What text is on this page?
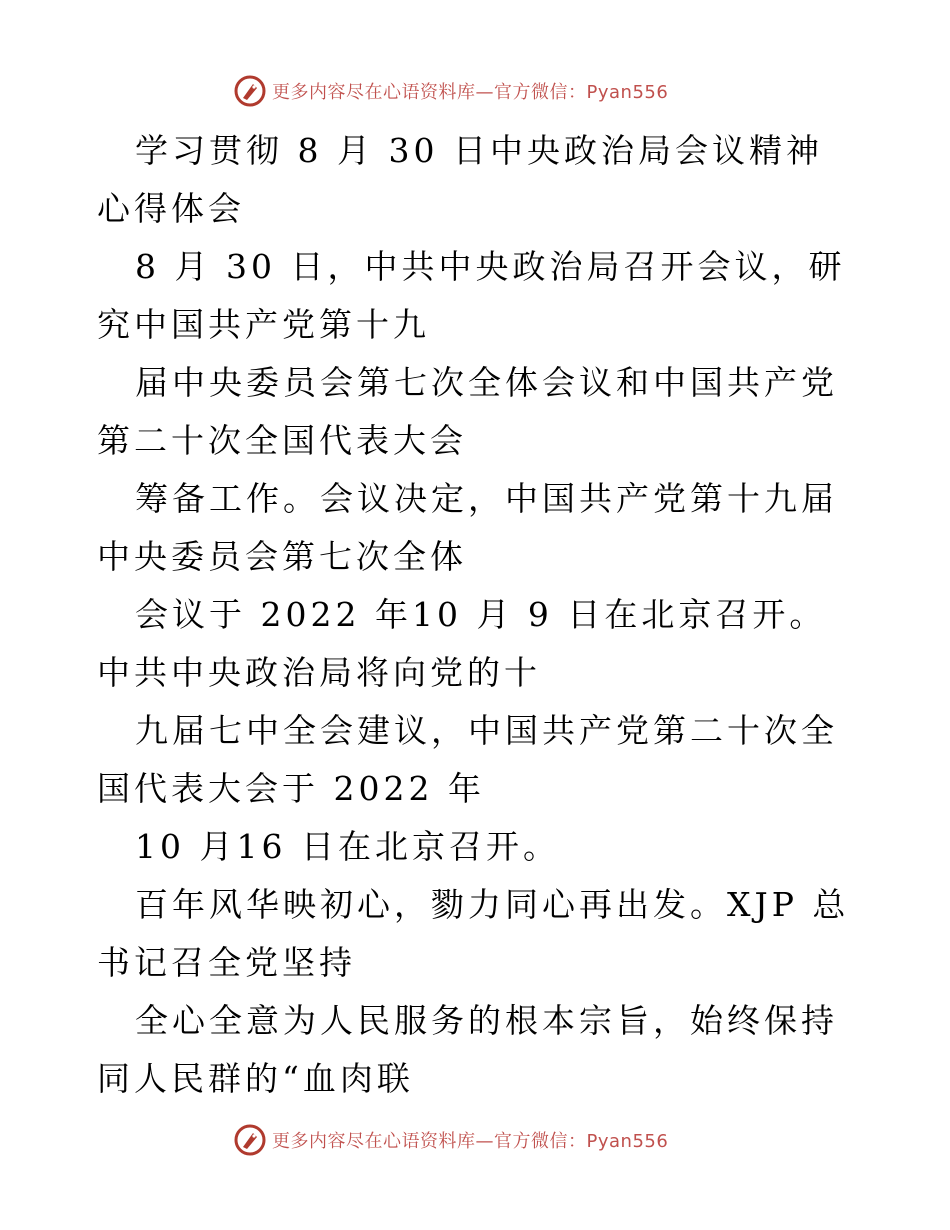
更多内容尽在心语资料库—官方微信：Pyan556

学习贯彻 8 月 30 日中央政治局会议精神心得体会

8 月 30 日，中共中央政治局召开会议，研究中国共产党第十九

届中央委员会第七次全体会议和中国共产党第二十次全国代表大会

筹备工作。会议决定，中国共产党第十九届中央委员会第七次全体

会议于 2022 年10 月 9 日在北京召开。中共中央政治局将向党的十

九届七中全会建议，中国共产党第二十次全国代表大会于 2022 年

10 月16 日在北京召开。

百年风华映初心，勠力同心再出发。XJP 总书记召全党坚持

全心全意为人民服务的根本宗旨，始终保持同人民群的“血肉联

更多内容尽在心语资料库—官方微信：Pyan556
